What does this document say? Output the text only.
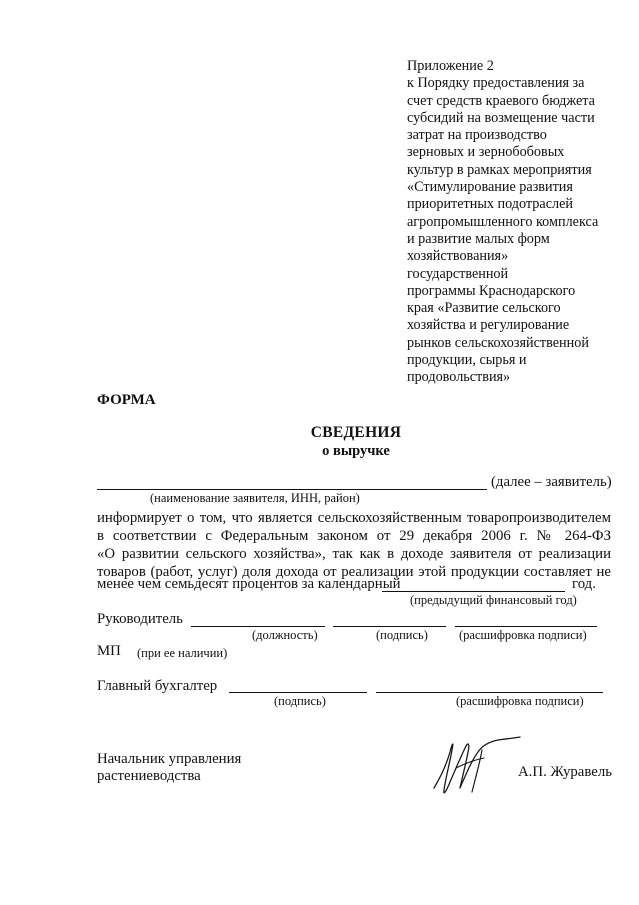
Приложение 2
к Порядку предоставления за
счет средств краевого бюджета
субсидий на возмещение части
затрат на производство
зерновых и зернобобовых
культур в рамках мероприятия
«Стимулирование развития
приоритетных подотраслей
агропромышленного комплекса
и развитие малых форм
хозяйствования»
государственной
программы Краснодарского
края «Развитие сельского
хозяйства и регулирование
рынков сельскохозяйственной
продукции, сырья и
продовольствия»
ФОРМА
СВЕДЕНИЯ
о выручке
(далее – заявитель)
(наименование заявителя, ИНН, район)
информирует о том, что является сельскохозяйственным товаропроизводителем
в соответствии с Федеральным законом от 29 декабря 2006 г. № 264-ФЗ
«О развитии сельского хозяйства», так как в доходе заявителя от реализации
товаров (работ, услуг) доля дохода от реализации этой продукции составляет не
менее чем семьдесят процентов за календарный	год.
(предыдущий финансовый год)
Руководитель
(должность)	(подпись) (расшифровка подписи)
МП (при ее наличии)
Главный бухгалтер
(подпись)	(расшифровка подписи)
Начальник управления
растениеводства	А.П. Журавель
